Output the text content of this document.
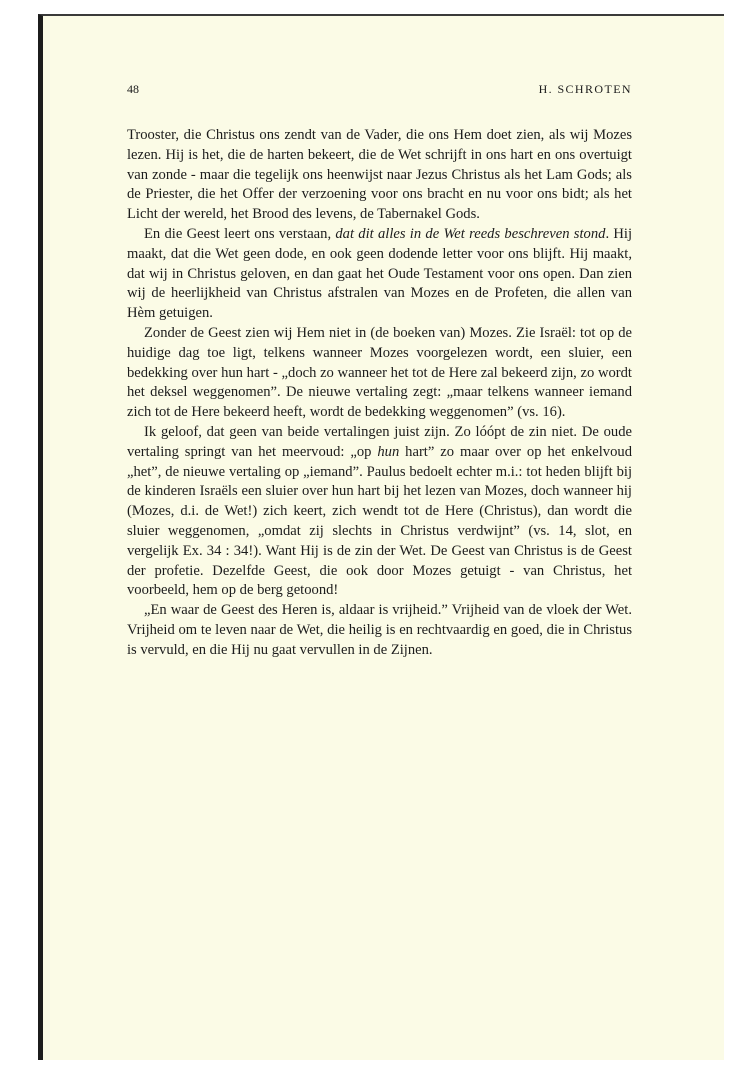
48	H. SCHROTEN

Trooster, die Christus ons zendt van de Vader, die ons Hem doet zien, als wij Mozes lezen. Hij is het, die de harten bekeert, die de Wet schrijft in ons hart en ons overtuigt van zonde - maar die tegelijk ons heenwijst naar Jezus Christus als het Lam Gods; als de Priester, die het Offer der verzoening voor ons bracht en nu voor ons bidt; als het Licht der wereld, het Brood des levens, de Tabernakel Gods.

En die Geest leert ons verstaan, dat dit alles in de Wet reeds beschreven stond. Hij maakt, dat die Wet geen dode, en ook geen dodende letter voor ons blijft. Hij maakt, dat wij in Christus geloven, en dan gaat het Oude Testament voor ons open. Dan zien wij de heerlijkheid van Christus afstralen van Mozes en de Profeten, die allen van Hèm getuigen.

Zonder de Geest zien wij Hem niet in (de boeken van) Mozes. Zie Israël: tot op de huidige dag toe ligt, telkens wanneer Mozes voorgelezen wordt, een sluier, een bedekking over hun hart - „doch zo wanneer het tot de Here zal bekeerd zijn, zo wordt het deksel weggenomen”. De nieuwe vertaling zegt: „maar telkens wanneer iemand zich tot de Here bekeerd heeft, wordt de bedekking weggenomen” (vs. 16).

Ik geloof, dat geen van beide vertalingen juist zijn. Zo lóópt de zin niet. De oude vertaling springt van het meervoud: „op hun hart” zo maar over op het enkelvoud „het”, de nieuwe vertaling op „iemand”. Paulus bedoelt echter m.i.: tot heden blijft bij de kinderen Israëls een sluier over hun hart bij het lezen van Mozes, doch wanneer hij (Mozes, d.i. de Wet!) zich keert, zich wendt tot de Here (Christus), dan wordt die sluier weggenomen, „omdat zij slechts in Christus verdwijnt” (vs. 14, slot, en vergelijk Ex. 34 : 34!). Want Hij is de zin der Wet. De Geest van Christus is de Geest der profetie. Dezelfde Geest, die ook door Mozes getuigt - van Christus, het voorbeeld, hem op de berg getoond!

„En waar de Geest des Heren is, aldaar is vrijheid.” Vrijheid van de vloek der Wet. Vrijheid om te leven naar de Wet, die heilig is en rechtvaardig en goed, die in Christus is vervuld, en die Hij nu gaat vervullen in de Zijnen.
